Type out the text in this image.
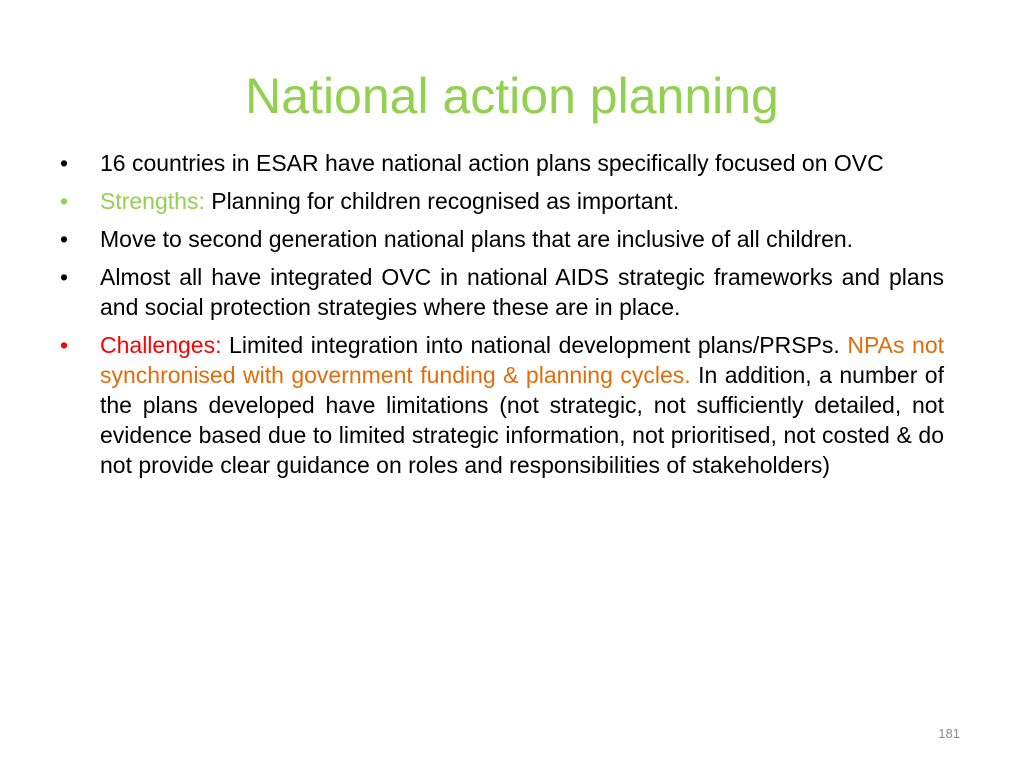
National action planning
•	16 countries in ESAR have national action plans specifically focused on OVC
•	Strengths: Planning for children recognised as important.
•	Move to second generation national plans that are inclusive of all children.
•	Almost all have integrated OVC in national AIDS strategic frameworks and plans and social protection strategies where these are in place.
•	Challenges: Limited integration into national development plans/PRSPs. NPAs not synchronised with government funding & planning cycles. In addition, a number of the plans developed have limitations (not strategic, not sufficiently detailed, not evidence based due to limited strategic information, not prioritised, not costed & do not provide clear guidance on roles and responsibilities of stakeholders)
181
